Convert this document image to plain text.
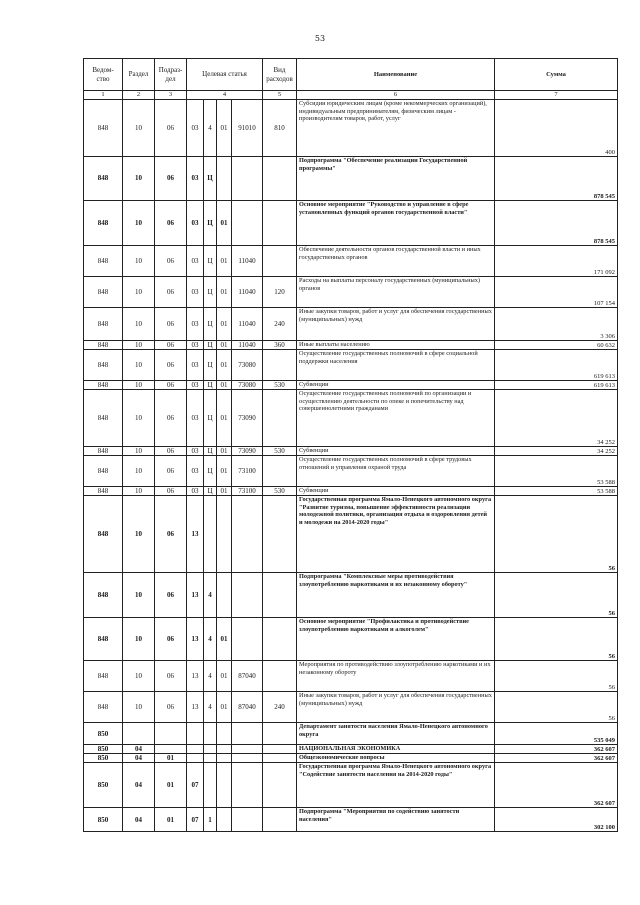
53
Ведом-ство	Раздел	Подраз-дел	Целевая статья				Вид расходов	Наименование	Сумма
1	2	3	4				5	6	7
848	10	06	03	4	01	91010	810	Субсидии юридическим лицам (кроме некоммерческих организаций), индивидуальным предпринимателям, физическим лицам - производителям товаров, работ, услуг	400
848	10	06	03	Ц				Подпрограмма "Обеспечение реализации Государственной программы"	878 545
848	10	06	03	Ц	01			Основное мероприятие "Руководство и управление в сфере установленных функций органов государственной власти"	878 545
848	10	06	03	Ц	01	11040		Обеспечение деятельности органов государственной власти и иных государственных органов	171 092
848	10	06	03	Ц	01	11040	120	Расходы на выплаты персоналу государственных (муниципальных) органов	107 154
848	10	06	03	Ц	01	11040	240	Иные закупки товаров, работ и услуг для обеспечения государственных (муниципальных) нужд	3 306
848	10	06	03	Ц	01	11040	360	Иные выплаты населению	60 632
848	10	06	03	Ц	01	73080		Осуществление государственных полномочий в сфере социальной поддержки населения	619 613
848	10	06	03	Ц	01	73080	530	Субвенции	619 613
848	10	06	03	Ц	01	73090		Осуществление государственных полномочий по организации и осуществлению деятельности по опеке и попечительству над совершеннолетними гражданами	34 252
848	10	06	03	Ц	01	73090	530	Субвенции	34 252
848	10	06	03	Ц	01	73100		Осуществление государственных полномочий в сфере трудовых отношений и управления охраной труда	53 588
848	10	06	03	Ц	01	73100	530	Субвенции	53 588
848	10	06	13					Государственная программа Ямало-Ненецкого автономного округа "Развитие туризма, повышение эффективности реализации молодежной политики, организация отдыха и оздоровления детей и молодежи на 2014-2020 годы"	56
848	10	06	13	4				Подпрограмма "Комплексные меры противодействия злоупотреблению наркотиками и их незаконному обороту"	56
848	10	06	13	4	01			Основное мероприятие "Профилактика и противодействие злоупотреблению наркотиками и алкоголем"	56
848	10	06	13	4	01	87040		Мероприятия по противодействию злоупотреблению наркотиками и их незаконному обороту	56
848	10	06	13	4	01	87040	240	Иные закупки товаров, работ и услуг для обеспечения государственных (муниципальных) нужд	56
850								Департамент занятости населения Ямало-Ненецкого автономного округа	535 049
850	04							НАЦИОНАЛЬНАЯ ЭКОНОМИКА	362 607
850	04	01						Общеэкономические вопросы	362 607
850	04	01	07					Государственная программа Ямало-Ненецкого автономного округа "Содействие занятости населения на 2014-2020 годы"	362 607
850	04	01	07	1				Подпрограмма "Мероприятия по содействию занятости населения"	302 100
